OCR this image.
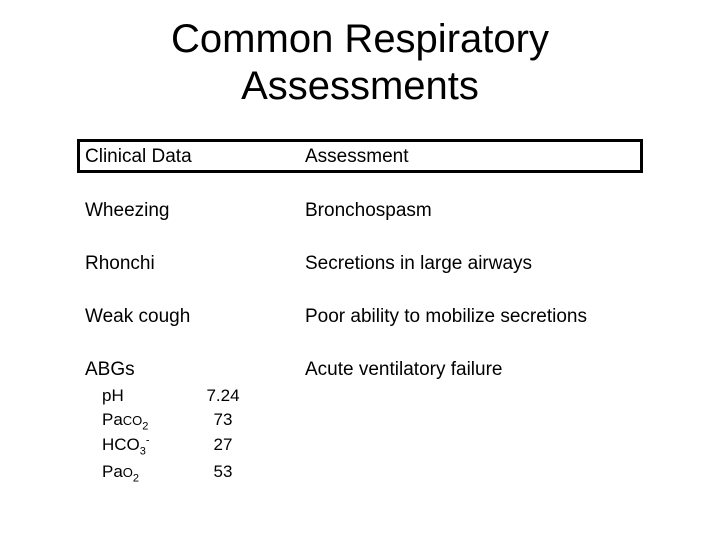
Common Respiratory
Assessments
Clinical Data	Assessment
Wheezing	Bronchospasm
Rhonchi	Secretions in large airways
Weak cough	Poor ability to mobilize secretions
ABGs	Acute ventilatory failure
pH	7.24
PaCO$_2$	73
$HCO_3^-$	27
PaO$_2$	53
